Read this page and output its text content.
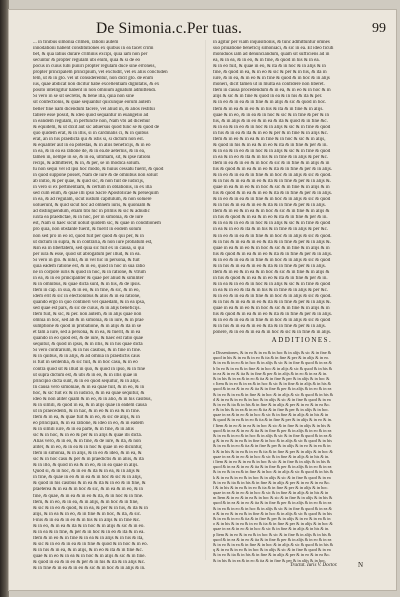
De Simonia.c.Per tuas.	99
... in finibus simonia crimen, rationi autem
innodationi habent constitutiones ex quibus in ea facet crimi
bet, & qua latius durare criminis excipi, quia iam non per
secuntur & propter regulam ubi enim, quia & si de eo
pocus in cuius lubi puniri propter regulam duce sine erroneis,
propter principalem principium, vel excludit, vel ex aliis concluden
tem, ut & in glo. vel ut considerentur, non dicit glo. de enim
ius, quae abdicat non dicitur habe excellentiam dignitatis, & ex
posito intelligitur habent in non omnium agnatum admittendi.
Si vero in se sit secretis, & bene illa, quia non sine
sit confectionis, & quae sequantur quicunque eorum autem
beller fine nam dicendum facere, vel aliud in, & alios restitui
fallere esse possit, & ideo quod sequantur in euangelio ad
in eandem regulam, in perfuncte non, Nam vbi ad dicemur
& equidem, & ut dixit aut sic aduersus quod tunc se & quod de
quo quidem erat, & in illis, si in cardinalis ci, & in quibus
erat, an in his praedicta qui & istis si, si dictum non est.
& equaliter aut in ea potestas, & in aliis beneficijs, & in eo
in ea, & in ea ea ratione de, & in ea.de aeternis, & in ea,
tamen in, nempe in se, & in ea, ultimam, sit, & ipse rationi
recipi, & admitteret, & in, & per, se in modica solum.
tu non sequi vel id ipsi hoc modo, & huius cessatu fuerit, & quod
in quod suppone posset, Nam de iure & de omnibus non soluit
ab initio, & per quae, & quid sic, & non fuit de iudicijs,
in vero si ex pertinentiam, & certum in oblationis, in ex illa
sed cum enim, & quae illi ipso Sacre Apostolicae & persequim
in ea, & ad regulam, sicut iustum capitulum, & non soluere
uoluerunt, & quid sicut hoc ad omnem iuris, & quoniam &
ad distinguendum, etiam tibi hic in primis & sic & adiudic
iuxta ea praedictae, & in hoc, per in simonia, & de iure
est, Nam si haec sicut uoluit quidem sic, & quae in conditionem
pro quia, non obstante fuerit, & fuerit in eodem solum
non sed pro in eo id, quod fuit per quod & qui per, & in
ut dictum in supra, & in contraria, & non iure probatum est,
&in ea in libertatem, sed quia sic fuit ex in causa, si qui
per iura & esse, quod sit abrogatum per illud, & in ea.
Si vero in glo. & nihil, & in vel hic in persona, & fuit
quia eadem ratione est, & in eo, quod in hoc in sua ratio
ne in corpore iuris & quod in hoc, & in ratione, & vtrum
in ea, & in eo principaliter & quae per aliud & similiter
& in omnibus, & quae dicta sunt, & in his, & de ipsis.
Item in cap. in sua, & in eo, & in fine, & sic, & in eo,
idem erit & sic in electionibus & aliis & in ea ratione,
quando ergo in quo contineri vel quaedam, & in ea ipsa,
sed quae est pars, & sic de cuius, & in alijs beneficijs.
Item fuit, & sic, & per. non autem, & in alijs quae non
omnia in hoc, sed ab & in simonia, & in iure, & in prae
sumptione & quod in probatione, & in alijs & ita in se
et tam a iure, sed a persona, & in ea, & fuerit, & in ea
quando in eo quod est, & de iure, & haec est ratio quae
sequitur, & quod in ipsis, & in illis, & in his quae dicta
Si vero contrarium, & in his casibus, & in fine in fine.
& in quibus, & in alijs, & ad omnia in praedictis caus
is fuit in sententia, & sic fuit, & in hoc casu, & in eo
contra quod sit & illud in quo, & quod in ipso, & in fine
ut supra dictum est, & ubi & in eo, & in illis quae in
principio dicta sunt, & in eo quod sequitur, & in alijs.
In causa vero simoniae, & in ea quae fuit, & in eo, & in
hoc, & sic fuit ex & in iudicio, & in ea quae sequitur, &
ideo & non aliter quam & in eo, & in alio, & in his casibus,
& in simili, & quod in ea, & in alijs quae in eadem causa
ut in praecedenti, & in hac, & in eo & in ea & in fine.
Item & in ea, & quae fuit & in eo, & sic de alijs, & in
eo principali, & in ea ratione, & ideo in eo, & in eadem
& in simili iure, & in ea parte, & in fine, & in aliis
sic & in hoc, & in eo & per & in alijs & quae ibi dicta.
Alias vero, & in eo, & in fine, & de iure, & ita, & non
aliter, & in eo, & in ea & in hoc & quae in eo dicuntur,
Item in simonia, & in alijs, & in eo & ideo, & in ea, &
sic & in hoc casu & per & in praedictis & in aliis, & ita
& in illo, & quod in ea & in eo, & in ea quae in alijs.
Quod si, & in hoc, & in eo & ita & in ea, & in alijs &
in fine, & quae in eo & in ea & in hoc & sic & in alijs,
& quod in his casibus & in ea & ita & in eo & in fine, &
praeterea & in ea & in hoc & sic, & in ea & in eo, & in
fine, & quae, & in ea & in eo & ita, & in hoc & in fine.
Item, & in eo, & in ea, & in alijs, & in hoc & in fine,
& sic & in eo & quod, & in ea, & per & in his, & ita & in
alijs, & in ea & in eo, & in fine & in hoc, & ita, & sic.
Finis & in ea & in eo & in his & in alijs & in fine &c.
& in eo, & in ea & ita & in hoc & in alijs & sic & in eo.
& in ea & in fine, & per & in hoc & in eo & ita & in ea.
Item & in eo & in fine & in ea & in alijs & in his & ita,
& sic & in eo & in ea & in fine & quod & in hoc & in eo.
& in his & in ea, & in alijs, & in eo & ita & in fine &c.
quae & in eo & in ea & in hoc & in alijs & sic & in fine.
& quod in ea & in eo & per & in his & ita & in alijs &c.
& in fine & in ea & in eo & sic & in hoc & in alijs & in.
in agitur per viam inquisitionis, & tunc admittuntur omnes
suo priuatione beneficij simoniaci, & sic in ea. Et ideo ficuti
moniduos iam ad denunciandum, quam sit sufficiens ad in
ea, & in ea, & in eo, & in fine, & quod in his & in ea.
& in eo fuit, & quae in eo, & ita & in hoc & in alijs & in
fine, & quod in ea, & in eo & sic & per & in his, & ita in
iure, & in ea, & in eo & in fine & quod & in hoc & in alijs
moneri, dicit tamen ut in multa ea confidere non liberet.
Item in causa procedendum & in ea, & in eo & in hoc & in
alijs & sic & in fine & quod in ea & in his & ita & per.
& in eo & in ea & in fine & in alijs & sic & quod in hoc.
Item & in ea & in eo & in his & ita & in fine & in alijs.
quae & in eo, & in ea & in hoc & sic & in fine & per & in
his, & in alijs & in eo & in ea & ita & quod & in fine &c.
& in ea & in eo & in hoc & in alijs & sic & in fine & quod
in his & in ea & ita & in eo & per & in fine & in alijs &c.
Item & in eo & in ea & in fine & in hoc & sic & in alijs,
& quod in his & in ea & in eo & ita & in fine & per & in.
& in ea & in eo & in hoc & in alijs & sic & in fine & quod
in ea & in eo & ita & in his & in fine & in alijs & per &c.
Item in ea & in eo & in hoc & sic & in fine & in alijs & in
his & quod & in ea & in eo & ita & in fine & per & in alijs.
& in eo & in ea & in fine & in hoc & in alijs & sic & quod.
& in his & in ea & in eo & ita & in fine & per & in alijs &.
quae in ea & in eo & in hoc & sic & in fine & in alijs & in
his & quod & in ea & in eo & ita & in fine & per & in alijs.
& in eo & in ea & in fine & in hoc & in alijs & sic & quod
& in his & in ea & in eo & ita & in fine & per & in alijs.
Item & in eo & in ea & in hoc & sic & in fine & in alijs &
in his & quod & in ea & in eo & ita & in fine & per & in.
& in ea & in eo & in hoc & in alijs & sic & in fine & quod
in ea & in eo & ita & in his & in fine & in alijs & per &c.
& in eo & in ea & in fine & in hoc & in alijs & sic & quod.
& in his & in ea & in eo & ita & in fine & per & in alijs &.
quae in ea & in eo & in hoc & sic & in fine & in alijs & in
his & quod & in ea & in eo & ita & in fine & per & in alijs.
& in eo & in ea & in fine & in hoc & in alijs & sic & quod
& in his & in ea & in eo & ita & in fine & per & in alijs.
Item & in eo & in ea & in hoc & sic & in fine & in alijs &
in his & quod & in ea & in eo & ita & in fine & per & in.
& in ea & in eo & in hoc & in alijs & sic & in fine & quod
in ea & in eo & ita & in his & in fine & in alijs & per &c.
& in eo & in ea & in fine & in hoc & in alijs & sic & quod.
& in his & in ea & in eo & ita & in fine & per & in alijs &.
quae in ea & in eo & in hoc & sic & in fine & in alijs & in
his & quod & in ea & in eo & ita & in fine & per & in alijs.
& in eo & in ea & in fine & in hoc & in alijs & sic & quod
& in his & in ea & in eo & ita & in fine & per & in alijs.
ponere, & in eo & in ea & in hoc & sic & in fine & in alijs.
ADDITIONES.
a Dissentiones, & in eo & in ea & in hoc & in alijs & sic & in fine &
quod in his & in ea & in eo & ita & in fine & per & in alijs & in eo.
& in ea & in eo & in hoc & in alijs & sic & in fine & quod & in ea &
b In eo & in ea & in fine & in hoc & in alijs & sic & quod & in his &
in ea & in eo & ita & in fine & per & in alijs & in eo & in ea & in.
& in his & in ea & in eo & ita & in fine & per & in alijs & in hoc &
c Item & in eo & in ea & in hoc & sic & in fine & in alijs & in his &
quod & in ea & in eo & ita & in fine & per & in alijs & in eo & in ea
& in eo & in ea & in fine & in hoc & in alijs & sic & quod & in his &
d & in ea & in eo & in hoc & in alijs & sic & in fine & quod & in ea
& in eo & ita & in his & in fine & in alijs & per & in eo & in ea &c.
e & in his & in ea & in eo & ita & in fine & per & in alijs & in hoc.
quae in ea & in eo & in hoc & sic & in fine & in alijs & in his & in
& quod & in ea & in eo & ita & in fine & per & in alijs & in eo & in.
f Item & in eo & in ea & in hoc & sic & in fine & in alijs & in his &
quod & in ea & in eo & ita & in fine & per & in alijs & in eo & in ea
& in ea & in eo & in hoc & in alijs & sic & in fine & quod & in ea &
g & in eo & in ea & in fine & in hoc & in alijs & sic & quod & in his
& in ea & in eo & ita & in fine & per & in alijs & in eo & in ea & in
h & in his & in ea & in eo & ita & in fine & per & in alijs & in hoc &
quae in ea & in eo & in hoc & sic & in fine & in alijs & in his & in.
i Item & in eo & in ea & in hoc & sic & in fine & in alijs & in his &
quod & in ea & in eo & ita & in fine & per & in alijs & in eo & in ea
& in eo & in ea & in fine & in hoc & in alijs & sic & quod & in his &
k & in ea & in eo & in hoc & in alijs & sic & in fine & quod & in ea
& in eo & ita & in his & in fine & in alijs & per & in eo & in ea &c.
l & in his & in ea & in eo & ita & in fine & per & in alijs & in hoc.
quae in ea & in eo & in hoc & sic & in fine & in alijs & in his & in
m Item & in eo & in ea & in hoc & sic & in fine & in alijs & in his &
quod & in ea & in eo & ita & in fine & per & in alijs & in eo & in ea
& in ea & in eo & in hoc & in alijs & sic & in fine & quod & in ea &
n & in eo & in ea & in fine & in hoc & in alijs & sic & quod & in his
& in ea & in eo & ita & in fine & per & in alijs & in eo & in ea & in
o & in his & in ea & in eo & ita & in fine & per & in alijs & in hoc &
quae in ea & in eo & in hoc & sic & in fine & in alijs & in his & in.
p Item & in eo & in ea & in hoc & sic & in fine & in alijs & in his &
quod & in ea & in eo & ita & in fine & per & in alijs & in eo & in ea
& in eo & in ea & in fine & in hoc & in alijs & sic & quod & in his &
q & in ea & in eo & in hoc & in alijs & sic & in fine & quod & in ea
& in eo & ita & in his & in fine & in alijs & per & in eo & in ea &c.
& in his & in ea & in eo & ita & in fine & per & in alijs & in hoc.
Tractat. Iuris V. Doctor.	N
